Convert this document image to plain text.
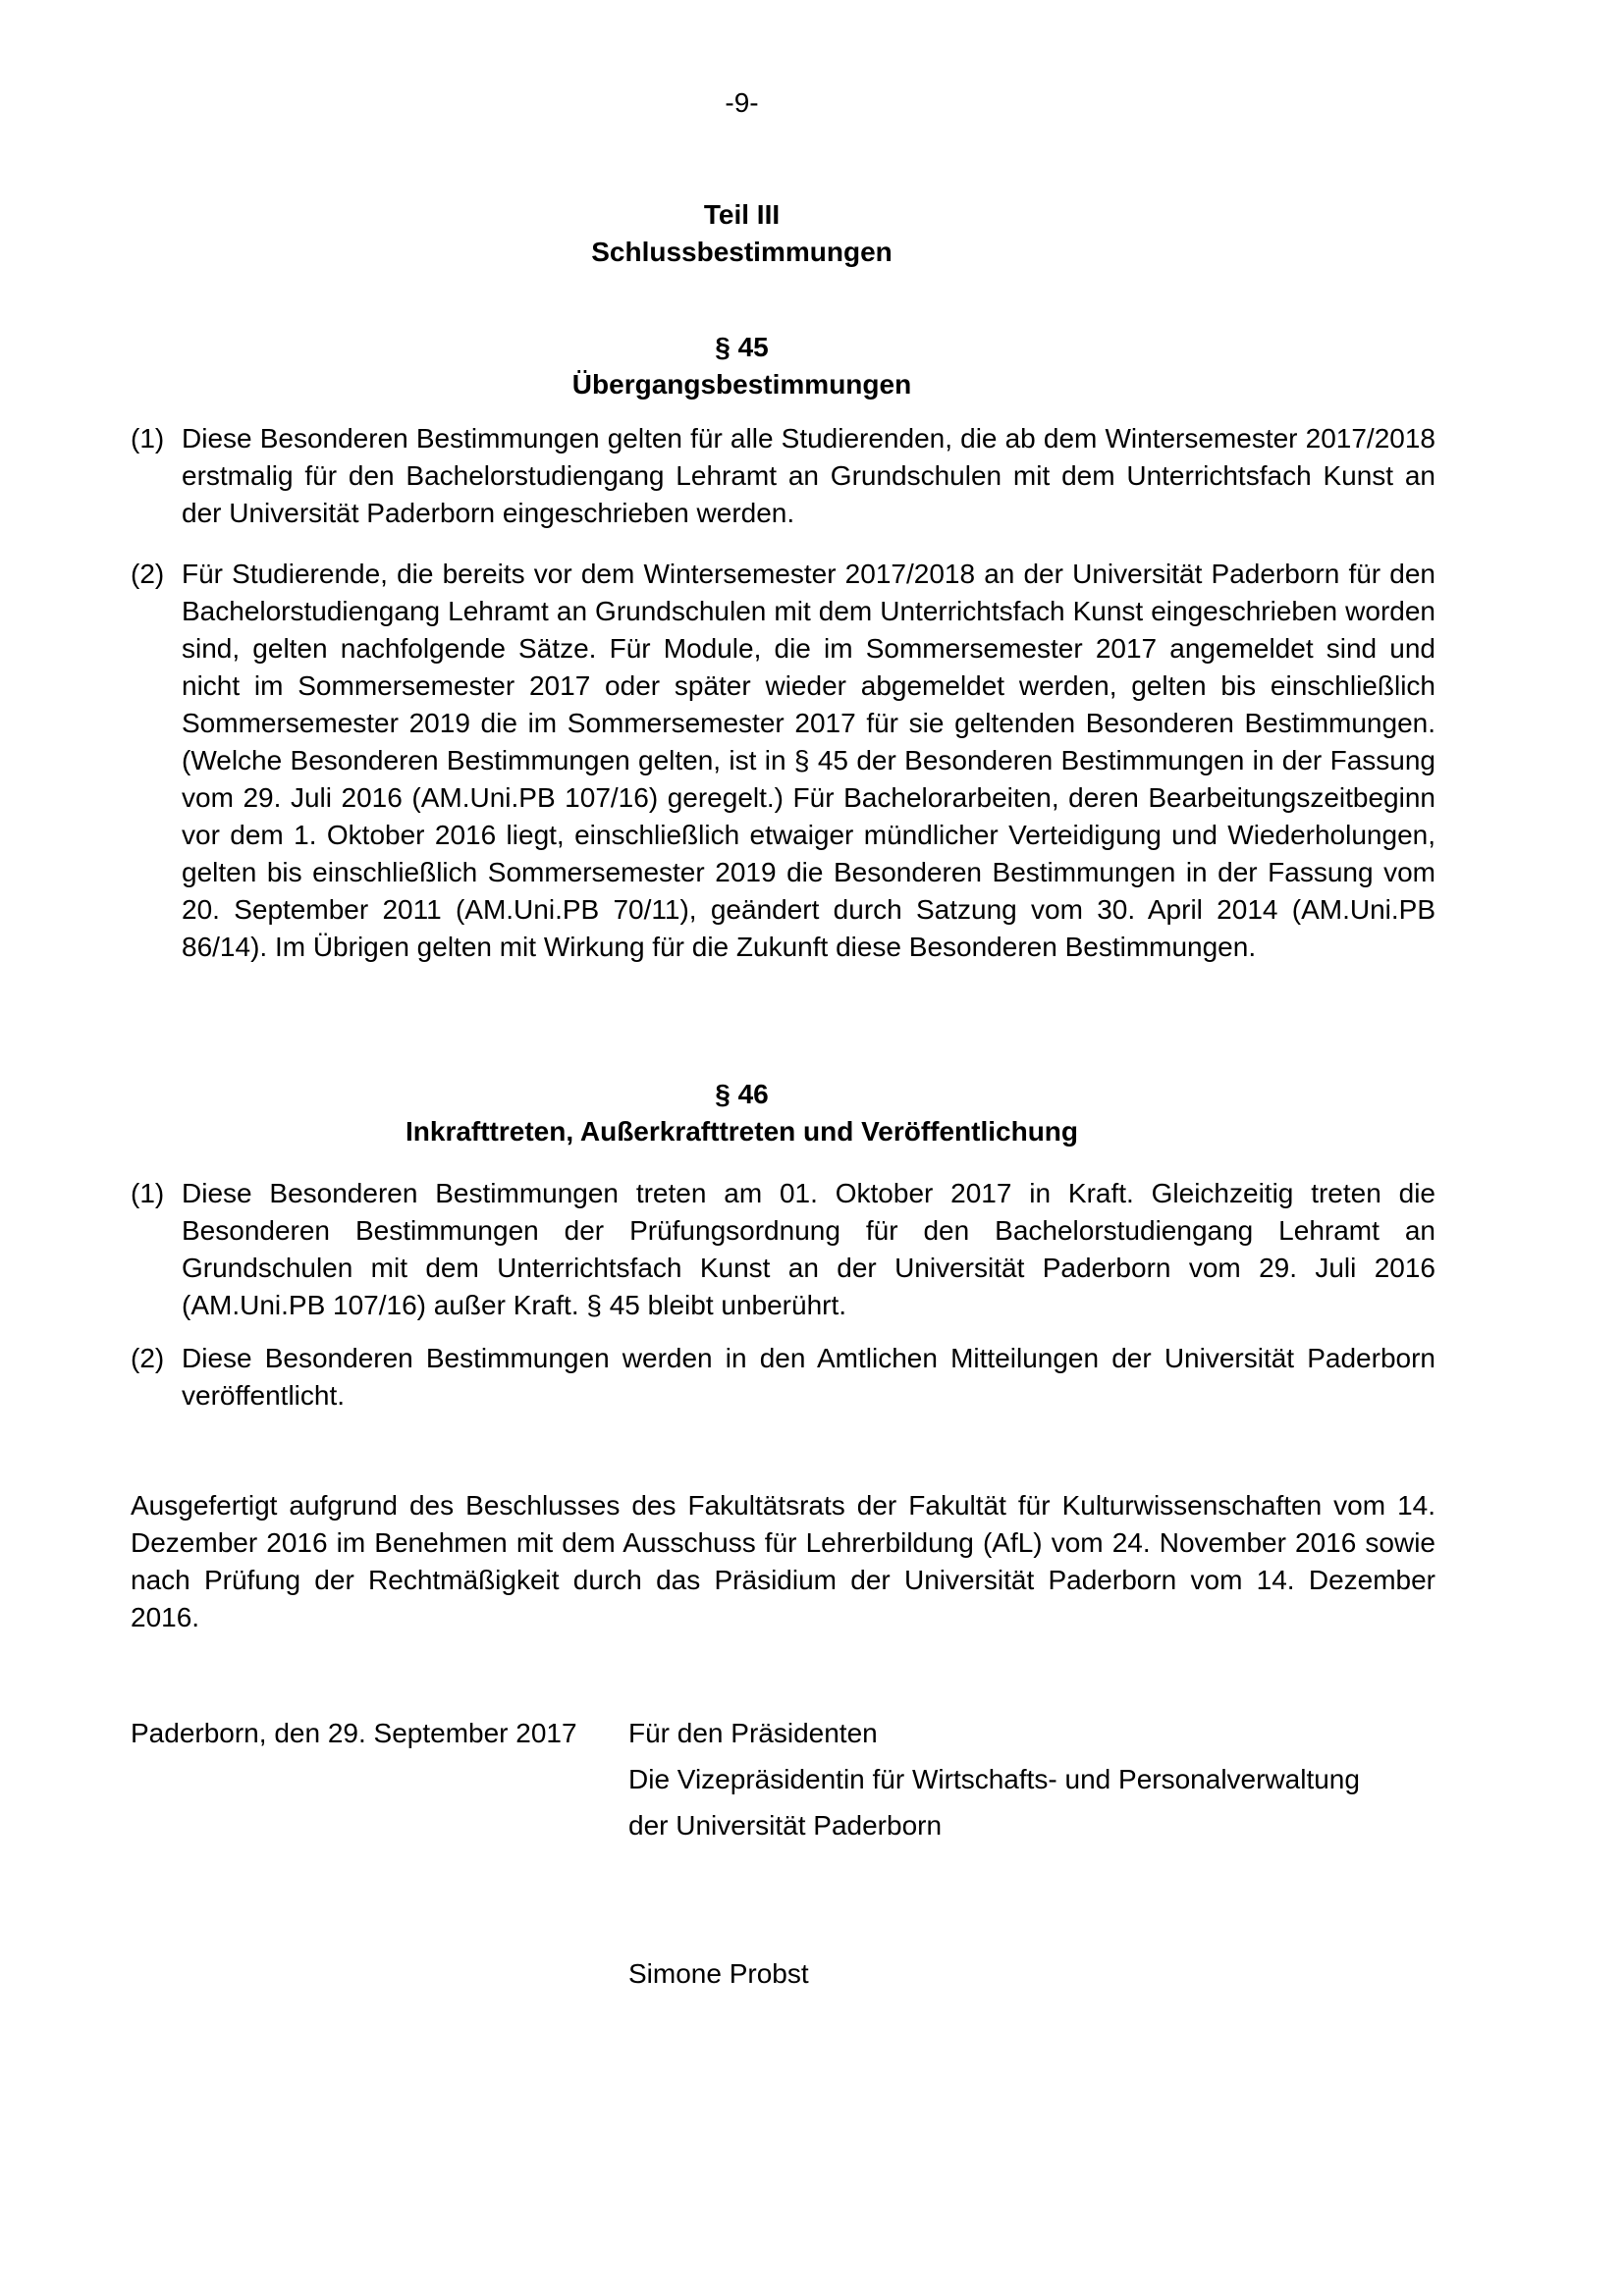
-9-
Teil III
Schlussbestimmungen
§ 45
Übergangsbestimmungen
(1) Diese Besonderen Bestimmungen gelten für alle Studierenden, die ab dem Wintersemester 2017/2018 erstmalig für den Bachelorstudiengang Lehramt an Grundschulen mit dem Unterrichtsfach Kunst an der Universität Paderborn eingeschrieben werden.
(2) Für Studierende, die bereits vor dem Wintersemester 2017/2018 an der Universität Paderborn für den Bachelorstudiengang Lehramt an Grundschulen mit dem Unterrichtsfach Kunst eingeschrieben worden sind, gelten nachfolgende Sätze. Für Module, die im Sommersemester 2017 angemeldet sind und nicht im Sommersemester 2017 oder später wieder abgemeldet werden, gelten bis einschließlich Sommersemester 2019 die im Sommersemester 2017 für sie geltenden Besonderen Bestimmungen. (Welche Besonderen Bestimmungen gelten, ist in § 45 der Besonderen Bestimmungen in der Fassung vom 29. Juli 2016 (AM.Uni.PB 107/16) geregelt.) Für Bachelorarbeiten, deren Bearbeitungszeitbeginn vor dem 1. Oktober 2016 liegt, einschließlich etwaiger mündlicher Verteidigung und Wiederholungen, gelten bis einschließlich Sommersemester 2019 die Besonderen Bestimmungen in der Fassung vom 20. September 2011 (AM.Uni.PB 70/11), geändert durch Satzung vom 30. April 2014 (AM.Uni.PB 86/14). Im Übrigen gelten mit Wirkung für die Zukunft diese Besonderen Bestimmungen.
§ 46
Inkrafttreten, Außerkrafttreten und Veröffentlichung
(1) Diese Besonderen Bestimmungen treten am 01. Oktober 2017 in Kraft. Gleichzeitig treten die Besonderen Bestimmungen der Prüfungsordnung für den Bachelorstudiengang Lehramt an Grundschulen mit dem Unterrichtsfach Kunst an der Universität Paderborn vom 29. Juli 2016 (AM.Uni.PB 107/16) außer Kraft. § 45 bleibt unberührt.
(2) Diese Besonderen Bestimmungen werden in den Amtlichen Mitteilungen der Universität Paderborn veröffentlicht.
Ausgefertigt aufgrund des Beschlusses des Fakultätsrats der Fakultät für Kulturwissenschaften vom 14. Dezember 2016 im Benehmen mit dem Ausschuss für Lehrerbildung (AfL) vom 24. November 2016 sowie nach Prüfung der Rechtmäßigkeit durch das Präsidium der Universität Paderborn vom 14. Dezember 2016.
Paderborn, den 29. September 2017	Für den Präsidenten
Die Vizepräsidentin für Wirtschafts- und Personalverwaltung
der Universität Paderborn
Simone Probst
